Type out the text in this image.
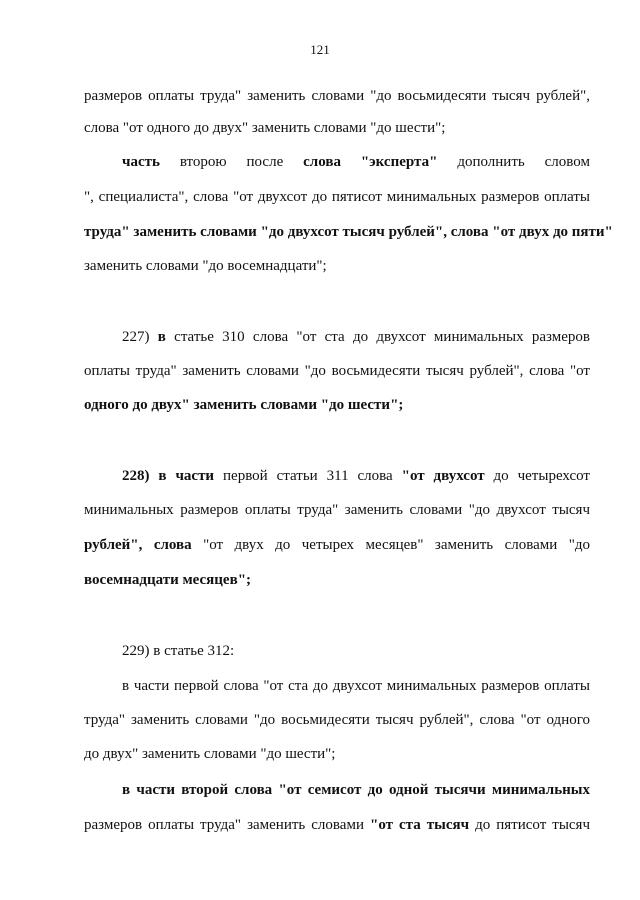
121
размеров оплаты труда" заменить словами "до восьмидесяти тысяч рублей",
слова "от одного до двух" заменить словами "до шести";
часть второю после слова "эксперта" дополнить словом
", специалиста", слова "от двухсот до пятисот минимальных размеров оплаты
труда" заменить словами "до двухсот тысяч рублей", слова "от двух до пяти"
заменить словами "до восемнадцати";
227) в статье 310 слова "от ста до двухсот минимальных размеров
оплаты труда" заменить словами "до восьмидесяти тысяч рублей", слова "от
одного до двух" заменить словами "до шести";
228) в части первой статьи 311 слова "от двухсот до четырехсот
минимальных размеров оплаты труда" заменить словами "до двухсот тысяч
рублей", слова "от двух до четырех месяцев" заменить словами "до
восемнадцати месяцев";
229) в статье 312:
в части первой слова "от ста до двухсот минимальных размеров оплаты
труда" заменить словами "до восьмидесяти тысяч рублей", слова "от одного
до двух" заменить словами "до шести";
в части второй слова "от семисот до одной тысячи минимальных
размеров оплаты труда" заменить словами "от ста тысяч до пятисот тысяч
